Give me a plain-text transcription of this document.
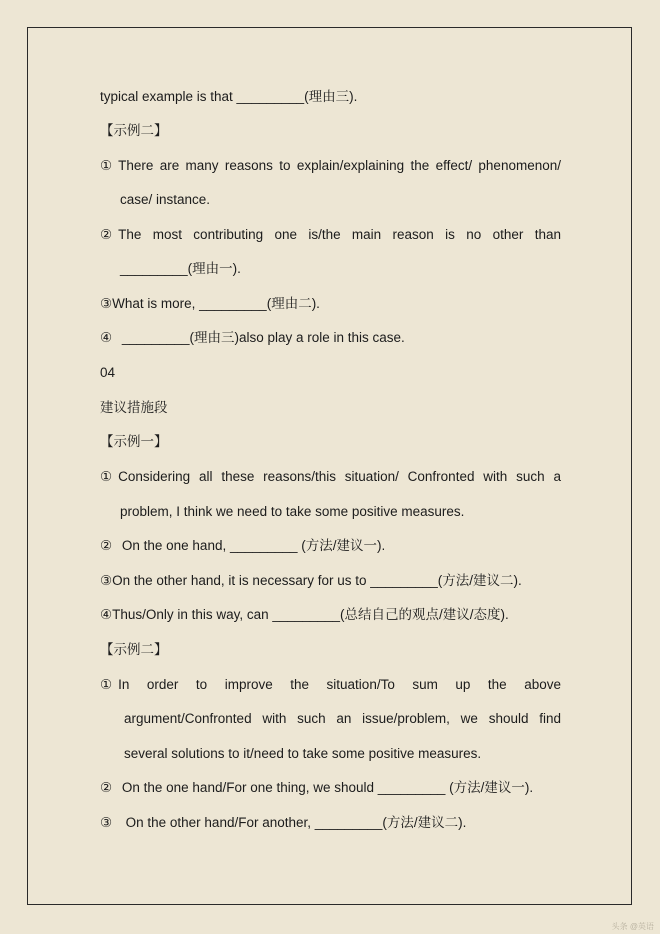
typical example is that _________(理由三).
【示例二】
① There are many reasons to explain/explaining the effect/ phenomenon/
case/ instance.
② The most contributing one is/the main reason is no other than
_________(理由一).
③What is more, _________(理由二).
④ _________(理由三)also play a role in this case.
04
建议措施段
【示例一】
① Considering all these reasons/this situation/ Confronted with such a
problem, I think we need to take some positive measures.
② On the one hand, _________ (方法/建议一).
③On the other hand, it is necessary for us to _________(方法/建议二).
④Thus/Only in this way, can _________(总结自己的观点/建议/态度).
【示例二】
① In order to improve the situation/To sum up the above
argument/Confronted with such an issue/problem, we should find
several solutions to it/need to take some positive measures.
② On the one hand/For one thing, we should _________ (方法/建议一).
③ On the other hand/For another, _________(方法/建议二).
头条 @英语
